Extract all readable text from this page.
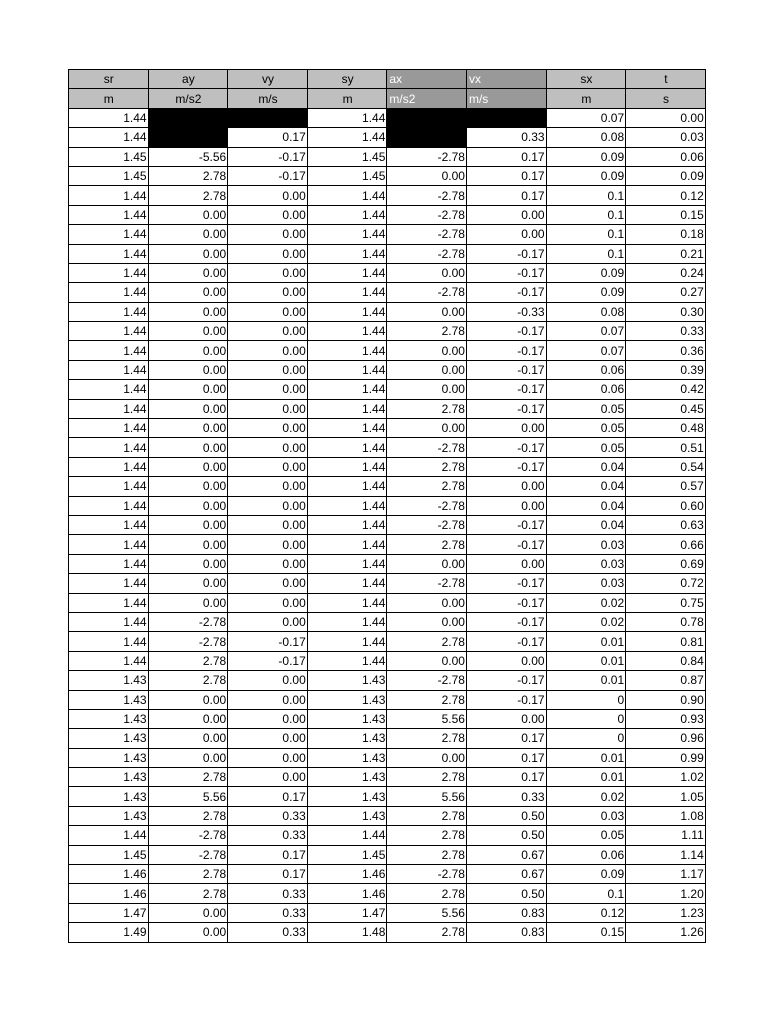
sr	ay	vy	sy	ax	vx	sx	t
m	m/s2	m/s	m	m/s2	m/s	m	s
1.44			1.44			0.07	0.00
1.44		0.17	1.44		0.33	0.08	0.03
1.45	-5.56	-0.17	1.45	-2.78	0.17	0.09	0.06
1.45	2.78	-0.17	1.45	0.00	0.17	0.09	0.09
1.44	2.78	0.00	1.44	-2.78	0.17	0.1	0.12
1.44	0.00	0.00	1.44	-2.78	0.00	0.1	0.15
1.44	0.00	0.00	1.44	-2.78	0.00	0.1	0.18
1.44	0.00	0.00	1.44	-2.78	-0.17	0.1	0.21
1.44	0.00	0.00	1.44	0.00	-0.17	0.09	0.24
1.44	0.00	0.00	1.44	-2.78	-0.17	0.09	0.27
1.44	0.00	0.00	1.44	0.00	-0.33	0.08	0.30
1.44	0.00	0.00	1.44	2.78	-0.17	0.07	0.33
1.44	0.00	0.00	1.44	0.00	-0.17	0.07	0.36
1.44	0.00	0.00	1.44	0.00	-0.17	0.06	0.39
1.44	0.00	0.00	1.44	0.00	-0.17	0.06	0.42
1.44	0.00	0.00	1.44	2.78	-0.17	0.05	0.45
1.44	0.00	0.00	1.44	0.00	0.00	0.05	0.48
1.44	0.00	0.00	1.44	-2.78	-0.17	0.05	0.51
1.44	0.00	0.00	1.44	2.78	-0.17	0.04	0.54
1.44	0.00	0.00	1.44	2.78	0.00	0.04	0.57
1.44	0.00	0.00	1.44	-2.78	0.00	0.04	0.60
1.44	0.00	0.00	1.44	-2.78	-0.17	0.04	0.63
1.44	0.00	0.00	1.44	2.78	-0.17	0.03	0.66
1.44	0.00	0.00	1.44	0.00	0.00	0.03	0.69
1.44	0.00	0.00	1.44	-2.78	-0.17	0.03	0.72
1.44	0.00	0.00	1.44	0.00	-0.17	0.02	0.75
1.44	-2.78	0.00	1.44	0.00	-0.17	0.02	0.78
1.44	-2.78	-0.17	1.44	2.78	-0.17	0.01	0.81
1.44	2.78	-0.17	1.44	0.00	0.00	0.01	0.84
1.43	2.78	0.00	1.43	-2.78	-0.17	0.01	0.87
1.43	0.00	0.00	1.43	2.78	-0.17	0	0.90
1.43	0.00	0.00	1.43	5.56	0.00	0	0.93
1.43	0.00	0.00	1.43	2.78	0.17	0	0.96
1.43	0.00	0.00	1.43	0.00	0.17	0.01	0.99
1.43	2.78	0.00	1.43	2.78	0.17	0.01	1.02
1.43	5.56	0.17	1.43	5.56	0.33	0.02	1.05
1.43	2.78	0.33	1.43	2.78	0.50	0.03	1.08
1.44	-2.78	0.33	1.44	2.78	0.50	0.05	1.11
1.45	-2.78	0.17	1.45	2.78	0.67	0.06	1.14
1.46	2.78	0.17	1.46	-2.78	0.67	0.09	1.17
1.46	2.78	0.33	1.46	2.78	0.50	0.1	1.20
1.47	0.00	0.33	1.47	5.56	0.83	0.12	1.23
1.49	0.00	0.33	1.48	2.78	0.83	0.15	1.26
